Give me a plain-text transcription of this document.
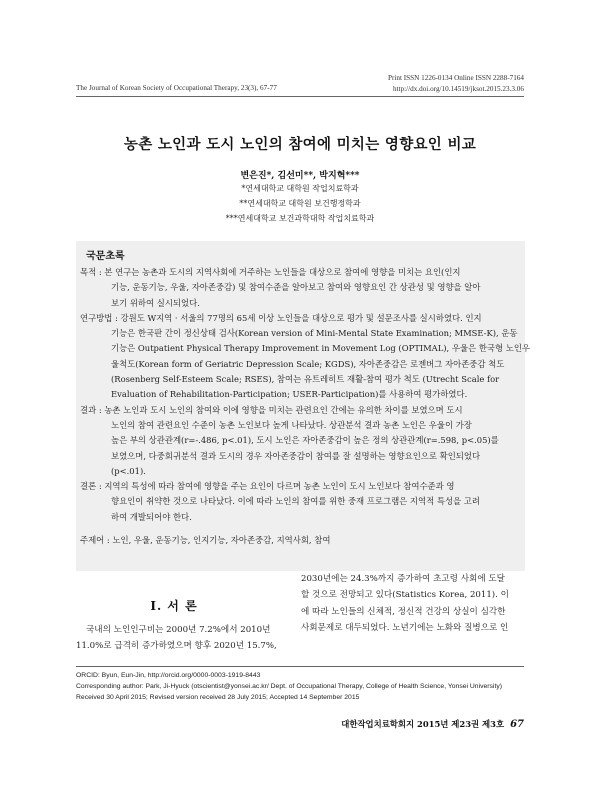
Print ISSN 1226-0134 Online ISSN 2288-7164
http://dx.doi.org/10.14519/jksot.2015.23.3.06
The Journal of Korean Society of Occupational Therapy, 23(3), 67-77
농촌 노인과 도시 노인의 참여에 미치는 영향요인 비교
변은진*, 김선미**, 박지혁***
*연세대학교 대학원 작업치료학과
**연세대학교 대학원 보건행정학과
***연세대학교 보건과학대학 작업치료학과
국문초록
목적 : 본 연구는 농촌과 도시의 지역사회에 거주하는 노인들을 대상으로 참여에 영향을 미치는 요인(인지
기능, 운동기능, 우울, 자아존중감) 및 참여수준을 알아보고 참여와 영향요인 간 상관성 및 영향을 알아
보기 위하여 실시되었다.
연구방법 : 강원도 W지역 · 서울의 77명의 65세 이상 노인들을 대상으로 평가 및 설문조사를 실시하였다. 인지
기능은 한국판 간이 정신상태 검사(Korean version of Mini-Mental State Examination; MMSE-K), 운동
기능은 Outpatient Physical Therapy Improvement in Movement Log (OPTIMAL), 우울은 한국형 노인우
울척도(Korean form of Geriatric Depression Scale; KGDS), 자아존중감은 로젠버그 자아존중감 척도
(Rosenberg Self-Esteem Scale; RSES), 참여는 유트레히트 재활-참여 평가 척도 (Utrecht Scale for
Evaluation of Rehabilitation-Participation; USER-Participation)를 사용하여 평가하였다.
결과 : 농촌 노인과 도시 노인의 참여와 이에 영향을 미치는 관련요인 간에는 유의한 차이를 보였으며 도시
노인의 참여 관련요인 수준이 농촌 노인보다 높게 나타났다. 상관분석 결과 농촌 노인은 우울이 가장
높은 부의 상관관계(r=-.486, p<.01), 도시 노인은 자아존중감이 높은 정의 상관관계(r=.598, p<.05)를
보였으며, 다중회귀분석 결과 도시의 경우 자아존중감이 참여를 잘 설명하는 영향요인으로 확인되었다
(p<.01).
결론 : 지역의 특성에 따라 참여에 영향을 주는 요인이 다르며 농촌 노인이 도시 노인보다 참여수준과 영
향요인이 취약한 것으로 나타났다. 이에 따라 노인의 참여를 위한 중재 프로그램은 지역적 특성을 고려
하여 개발되어야 한다.
주제어 : 노인, 우울, 운동기능, 인지기능, 자아존중감, 지역사회, 참여
Ⅰ. 서 론
국내의 노인인구비는 2000년 7.2%에서 2010년
11.0%로 급격히 증가하였으며 향후 2020년 15.7%,
2030년에는 24.3%까지 증가하여 초고령 사회에 도달
할 것으로 전망되고 있다(Statistics Korea, 2011). 이
에 따라 노인들의 신체적, 정신적 건강의 상실이 심각한
사회문제로 대두되었다. 노년기에는 노화와 질병으로 인
ORCID: Byun, Eun-Jin, http://orcid.org/0000-0003-1919-8443
Corresponding author: Park, Ji-Hyuck (otscientist@yonsei.ac.kr/ Dept. of Occupational Therapy, College of Health Science, Yonsei University)
Received 30 April 2015; Revised version received 28 July 2015; Accepted 14 September 2015
대한작업치료학회지 2015년 제23권 제3호 67
